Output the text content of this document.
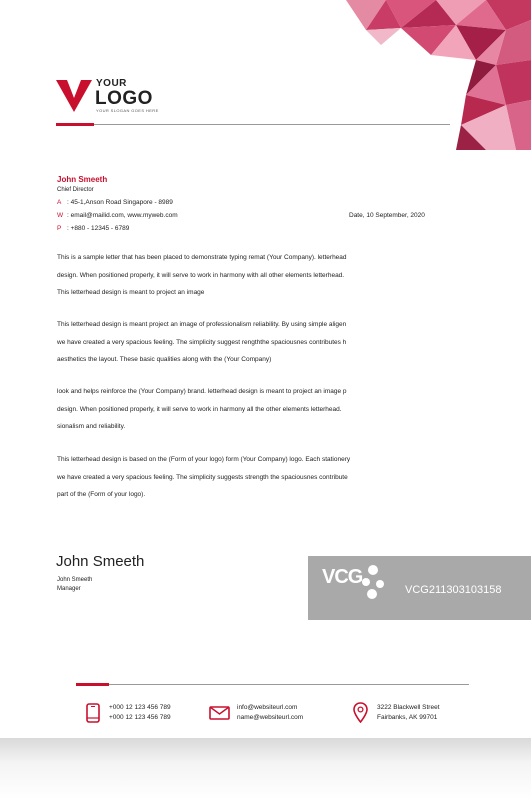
YOUR
LOGO
YOUR SLOGAN GOES HERE
John Smeeth
Chief Director
A : 45-1,Anson Road Singapore - 8989
W : email@mailid.com, www.myweb.com
P : +880 - 12345 - 6789
Date, 10 September, 2020
This is a sample letter that has been placed to demonstrate typing remat (Your Company). letterhead
design. When positioned properly, it will serve to work in harmony with all other elements letterhead.
This letterhead design is meant to project an image
This letterhead design is meant project an image of professionalism reliability. By using simple aligen
we have created a very spacious feeling. The simplicity suggest rengththe spaciousnes contributes h
aesthetics the layout. These basic qualities along with the (Your Company)
look and helps reinforce the (Your Company) brand. letterhead design is meant to project an image p
design. When positioned properly, it will serve to work in harmony all the other elements letterhead.
sionalism and reliability.
This letterhead design is based on the (Form of your logo) form (Your Company) logo. Each stationery
we have created a very spacious feeling. The simplicity suggests strength the spaciousnes contribute
part of the (Form of your logo).
John Smeeth
John Smeeth
Manager
VCG
VCG211303103158
+000 12 123 456 789
+000 12 123 456 789
info@websiteurl.com
name@websiteurl.com
3222 Blackwell Street
Fairbanks, AK 99701
